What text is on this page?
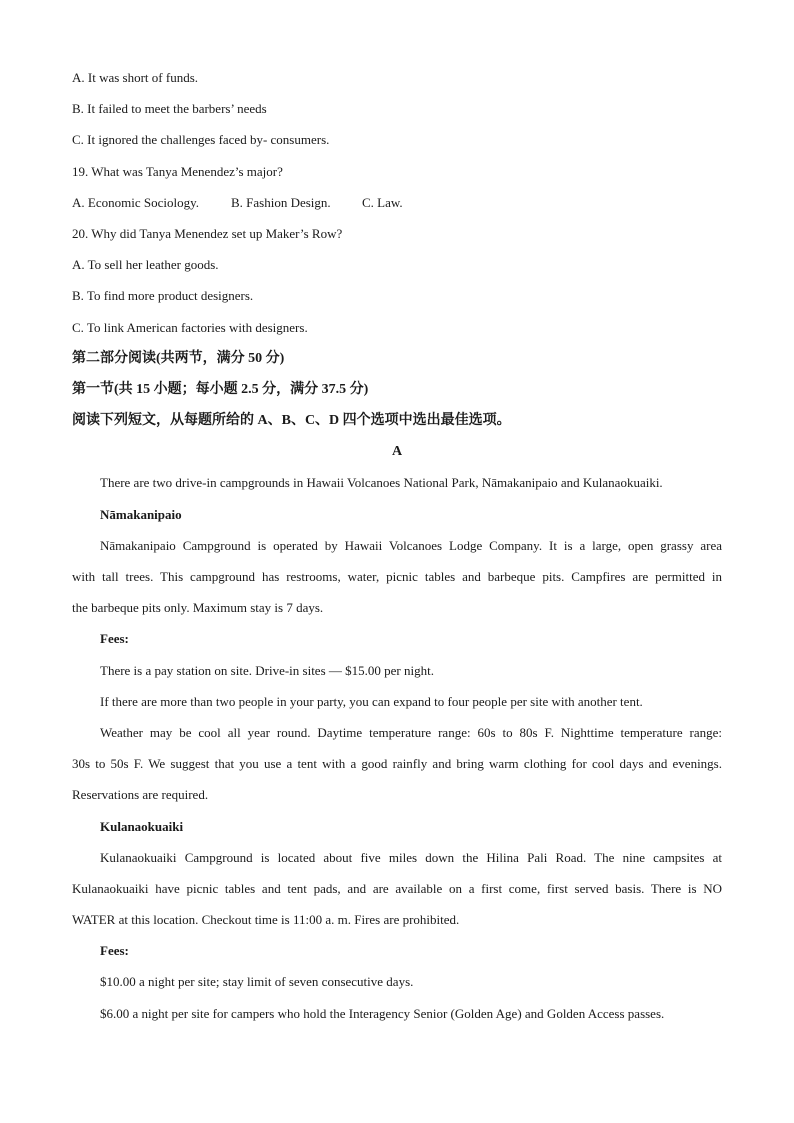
A. It was short of funds.
B. It failed to meet the barbers’ needs
C. It ignored the challenges faced by- consumers.
19. What was Tanya Menendez’s major?
A. Economic Sociology. B. Fashion Design. C. Law.
20. Why did Tanya Menendez set up Maker’s Row?
A. To sell her leather goods.
B. To find more product designers.
C. To link American factories with designers.
第二部分阅读(共两节，满分 50 分)
第一节(共 15 小题；每小题 2.5 分，满分 37.5 分)
阅读下列短文，从每题所给的 A、B、C、D 四个选项中选出最佳选项。
A
There are two drive-in campgrounds in Hawaii Volcanoes National Park, Nāmakanipaio and Kulanaokuaiki.
Nāmakanipaio
Nāmakanipaio Campground is operated by Hawaii Volcanoes Lodge Company. It is a large, open grassy area
with tall trees. This campground has restrooms, water, picnic tables and barbeque pits. Campfires are permitted in
the barbeque pits only. Maximum stay is 7 days.
Fees:
There is a pay station on site. Drive-in sites — $15.00 per night.
If there are more than two people in your party, you can expand to four people per site with another tent.
Weather may be cool all year round. Daytime temperature range: 60s to 80s F. Nighttime temperature range:
30s to 50s F. We suggest that you use a tent with a good rainfly and bring warm clothing for cool days and evenings.
Reservations are required.
Kulanaokuaiki
Kulanaokuaiki Campground is located about five miles down the Hilina Pali Road. The nine campsites at
Kulanaokuaiki have picnic tables and tent pads, and are available on a first come, first served basis. There is NO
WATER at this location. Checkout time is 11:00 a. m. Fires are prohibited.
Fees:
$10.00 a night per site; stay limit of seven consecutive days.
$6.00 a night per site for campers who hold the Interagency Senior (Golden Age) and Golden Access passes.
